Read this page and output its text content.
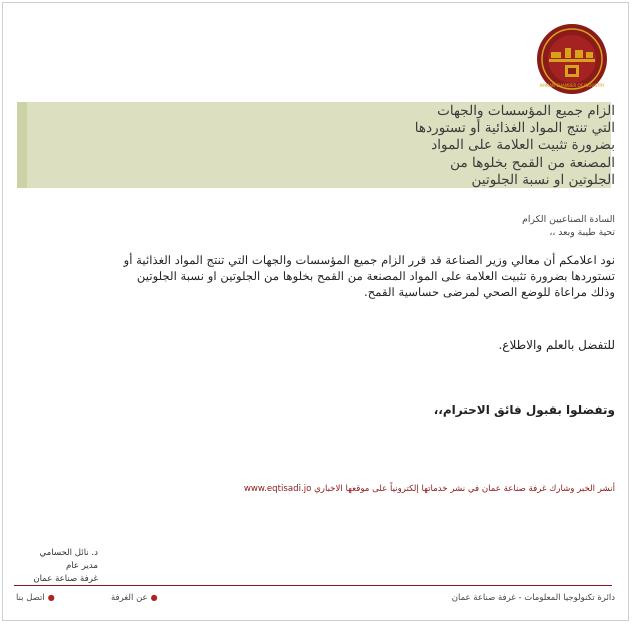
AMMAN CHAMBER OF INDUSTRY
الزام جميع المؤسسات والجهات
التي تنتج المواد الغذائية أو تستوردها
بضرورة تثبيت العلامة على المواد
المصنعة من القمح بخلوها من
الجلوتين او نسبة الجلوتين
السادة الصناعيين الكرام
تحية طيبة وبعد ،،
نود اعلامكم أن معالي وزير الصناعة قد قرر الزام جميع المؤسسات والجهات التي تنتج المواد الغذائية أو
تستوردها بضرورة تثبيت العلامة على المواد المصنعة من القمح بخلوها من الجلوتين او نسبة الجلوتين
وذلك مراعاة للوضع الصحي لمرضى حساسية القمح.
للتفضل بالعلم والاطلاع.
وتفضلوا بقبول فائق الاحترام،،
أنشر الخبر وشارك غرفة صناعة عمان في نشر خدماتها إلكترونياً على موقعها الاخباري www.eqtisadi.jo
د. نائل الحسامي
مدير عام
غرفة صناعة عمان
●اتصل بنا	●عن الغرفة	دائرة تكنولوجيا المعلومات - غرفة صناعة عمان
